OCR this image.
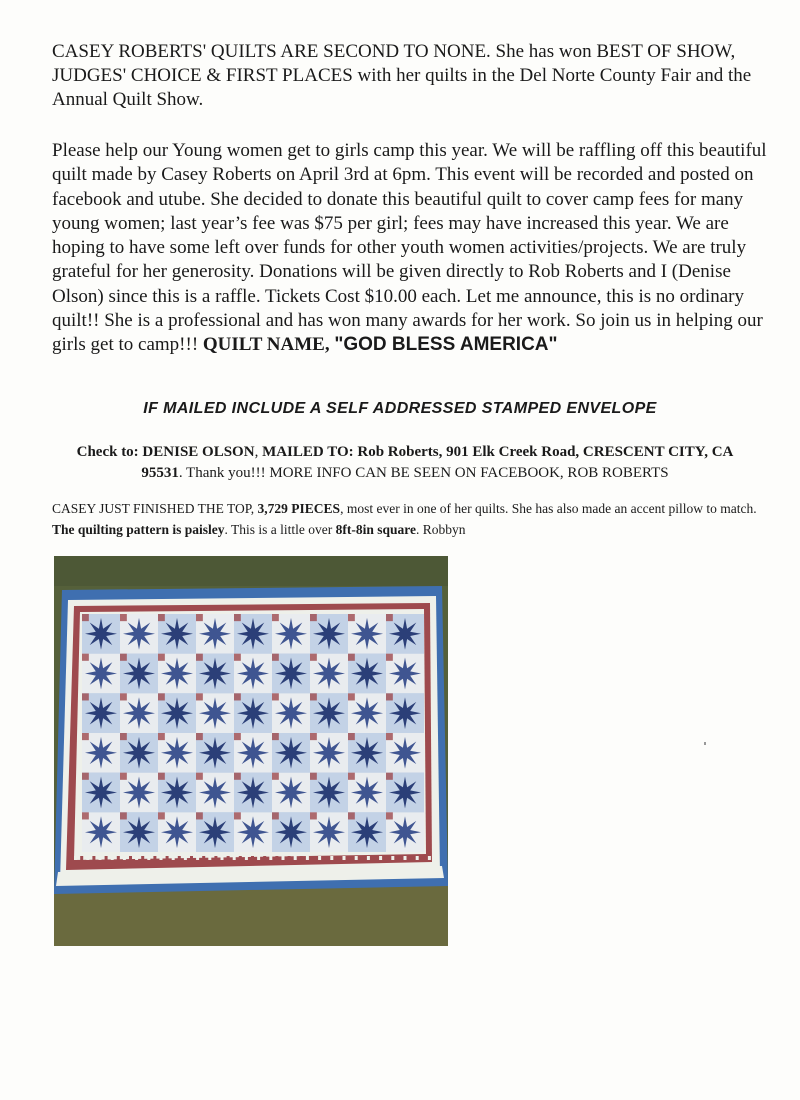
CASEY ROBERTS' QUILTS ARE SECOND TO NONE. She has won BEST OF SHOW, JUDGES' CHOICE & FIRST PLACES with her quilts in the Del Norte County Fair and the Annual Quilt Show.
Please help our Young women get to girls camp this year. We will be raffling off this beautiful quilt made by Casey Roberts on April 3rd at 6pm. This event will be recorded and posted on facebook and utube. She decided to donate this beautiful quilt to cover camp fees for many young women; last year’s fee was $75 per girl; fees may have increased this year. We are hoping to have some left over funds for other youth women activities/projects. We are truly grateful for her generosity. Donations will be given directly to Rob Roberts and I (Denise Olson) since this is a raffle. Tickets Cost $10.00 each. Let me announce, this is no ordinary quilt!! She is a professional and has won many awards for her work. So join us in helping our girls get to camp!!! QUILT NAME, "GOD BLESS AMERICA"
IF MAILED INCLUDE A SELF ADDRESSED STAMPED ENVELOPE
Check to: DENISE OLSON, MAILED TO: Rob Roberts, 901 Elk Creek Road, CRESCENT CITY, CA 95531. Thank you!!! MORE INFO CAN BE SEEN ON FACEBOOK, ROB ROBERTS
CASEY JUST FINISHED THE TOP, 3,729 PIECES, most ever in one of her quilts. She has also made an accent pillow to match. The quilting pattern is paisley. This is a little over 8ft-8in square. Robbyn
